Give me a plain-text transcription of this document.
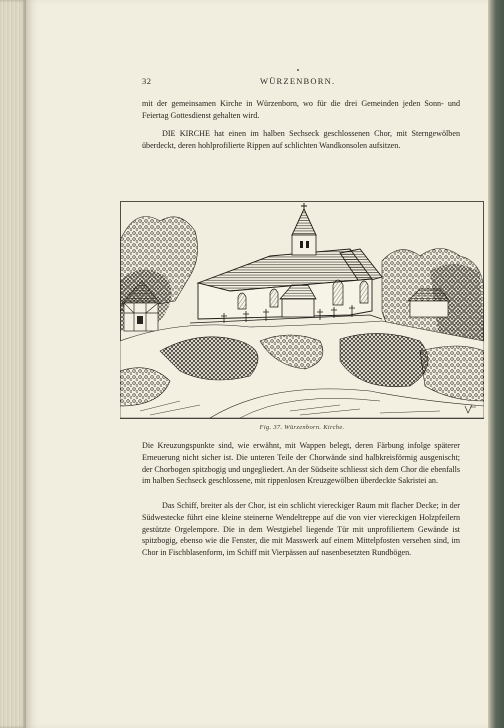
32	WÜRZENBORN.
mit der gemeinsamen Kirche in Würzenborn, wo für die drei Gemeinden jeden Sonn- und Feiertag Gottesdienst gehalten wird.
DIE KIRCHE hat einen im halben Sechseck geschlossenen Chor, mit Sterngewölben überdeckt, deren hohlprofilierte Rippen auf schlichten Wandkonsolen aufsitzen.
Fig. 37. Würzenborn. Kirche.
Die Kreuzungspunkte sind, wie erwähnt, mit Wappen belegt, deren Färbung infolge späterer Erneuerung nicht sicher ist. Die unteren Teile der Chorwände sind halbkreisförmig ausgenischt; der Chorbogen spitzbogig und ungegliedert. An der Südseite schliesst sich dem Chor die ebenfalls im halben Sechseck geschlossene, mit rippenlosen Kreuzgewölben überdeckte Sakristei an.
Das Schiff, breiter als der Chor, ist ein schlicht viereckiger Raum mit flacher Decke; in der Südwestecke führt eine kleine steinerne Wendeltreppe auf die von vier viereckigen Holzpfeilern gestützte Orgelempore. Die in dem Westgiebel liegende Tür mit unprofiliertem Gewände ist spitzbogig, ebenso wie die Fenster, die mit Masswerk auf einem Mittelpfosten versehen sind, im Chor in Fischblasenform, im Schiff mit Vierpässen auf nasenbesetzten Rundbögen.
